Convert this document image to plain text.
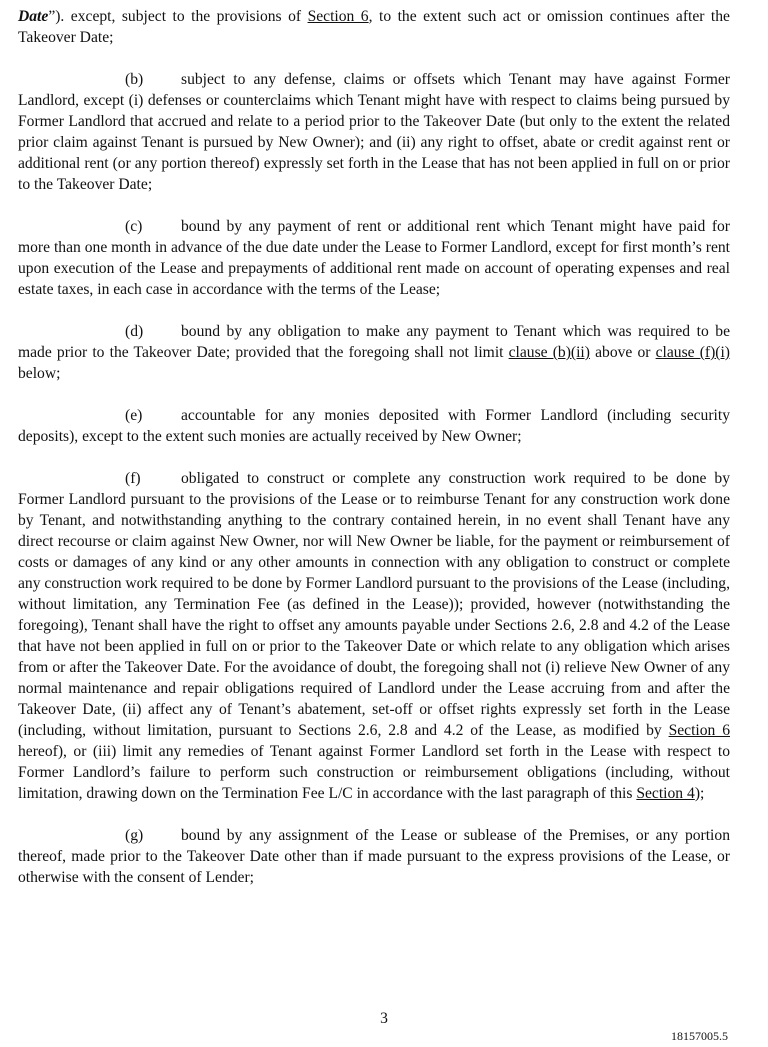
Date”). except, subject to the provisions of Section 6, to the extent such act or omission continues after the Takeover Date;

(b) subject to any defense, claims or offsets which Tenant may have against Former Landlord, except (i) defenses or counterclaims which Tenant might have with respect to claims being pursued by Former Landlord that accrued and relate to a period prior to the Takeover Date (but only to the extent the related prior claim against Tenant is pursued by New Owner); and (ii) any right to offset, abate or credit against rent or additional rent (or any portion thereof) expressly set forth in the Lease that has not been applied in full on or prior to the Takeover Date;

(c) bound by any payment of rent or additional rent which Tenant might have paid for more than one month in advance of the due date under the Lease to Former Landlord, except for first month’s rent upon execution of the Lease and prepayments of additional rent made on account of operating expenses and real estate taxes, in each case in accordance with the terms of the Lease;

(d) bound by any obligation to make any payment to Tenant which was required to be made prior to the Takeover Date; provided that the foregoing shall not limit clause (b)(ii) above or clause (f)(i) below;

(e) accountable for any monies deposited with Former Landlord (including security deposits), except to the extent such monies are actually received by New Owner;

(f)	obligated to construct or complete any construction work required to be done by Former Landlord pursuant to the provisions of the Lease or to reimburse Tenant for any construction work done by Tenant, and notwithstanding anything to the contrary contained herein, in no event shall Tenant have any direct recourse or claim against New Owner, nor will New Owner be liable, for the payment or reimbursement of costs or damages of any kind or any other amounts in connection with any obligation to construct or complete any construction work required to be done by Former Landlord pursuant to the provisions of the Lease (including, without limitation, any Termination Fee (as defined in the Lease)); provided, however (notwithstanding the foregoing), Tenant shall have the right to offset any amounts payable under Sections 2.6, 2.8 and 4.2 of the Lease that have not been applied in full on or prior to the Takeover Date or which relate to any obligation which arises from or after the Takeover Date. For the avoidance of doubt, the foregoing shall not (i) relieve New Owner of any normal maintenance and repair obligations required of Landlord under the Lease accruing from and after the Takeover Date, (ii) affect any of Tenant’s abatement, set-off or offset rights expressly set forth in the Lease (including, without limitation, pursuant to Sections 2.6, 2.8 and 4.2 of the Lease, as modified by Section 6 hereof), or (iii) limit any remedies of Tenant against Former Landlord set forth in the Lease with respect to Former Landlord’s failure to perform such construction or reimbursement obligations (including, without limitation, drawing down on the Termination Fee L/C in accordance with the last paragraph of this Section 4);

(g) bound by any assignment of the Lease or sublease of the Premises, or any portion thereof, made prior to the Takeover Date other than if made pursuant to the express provisions of the Lease, or otherwise with the consent of Lender;

3
18157005.5
